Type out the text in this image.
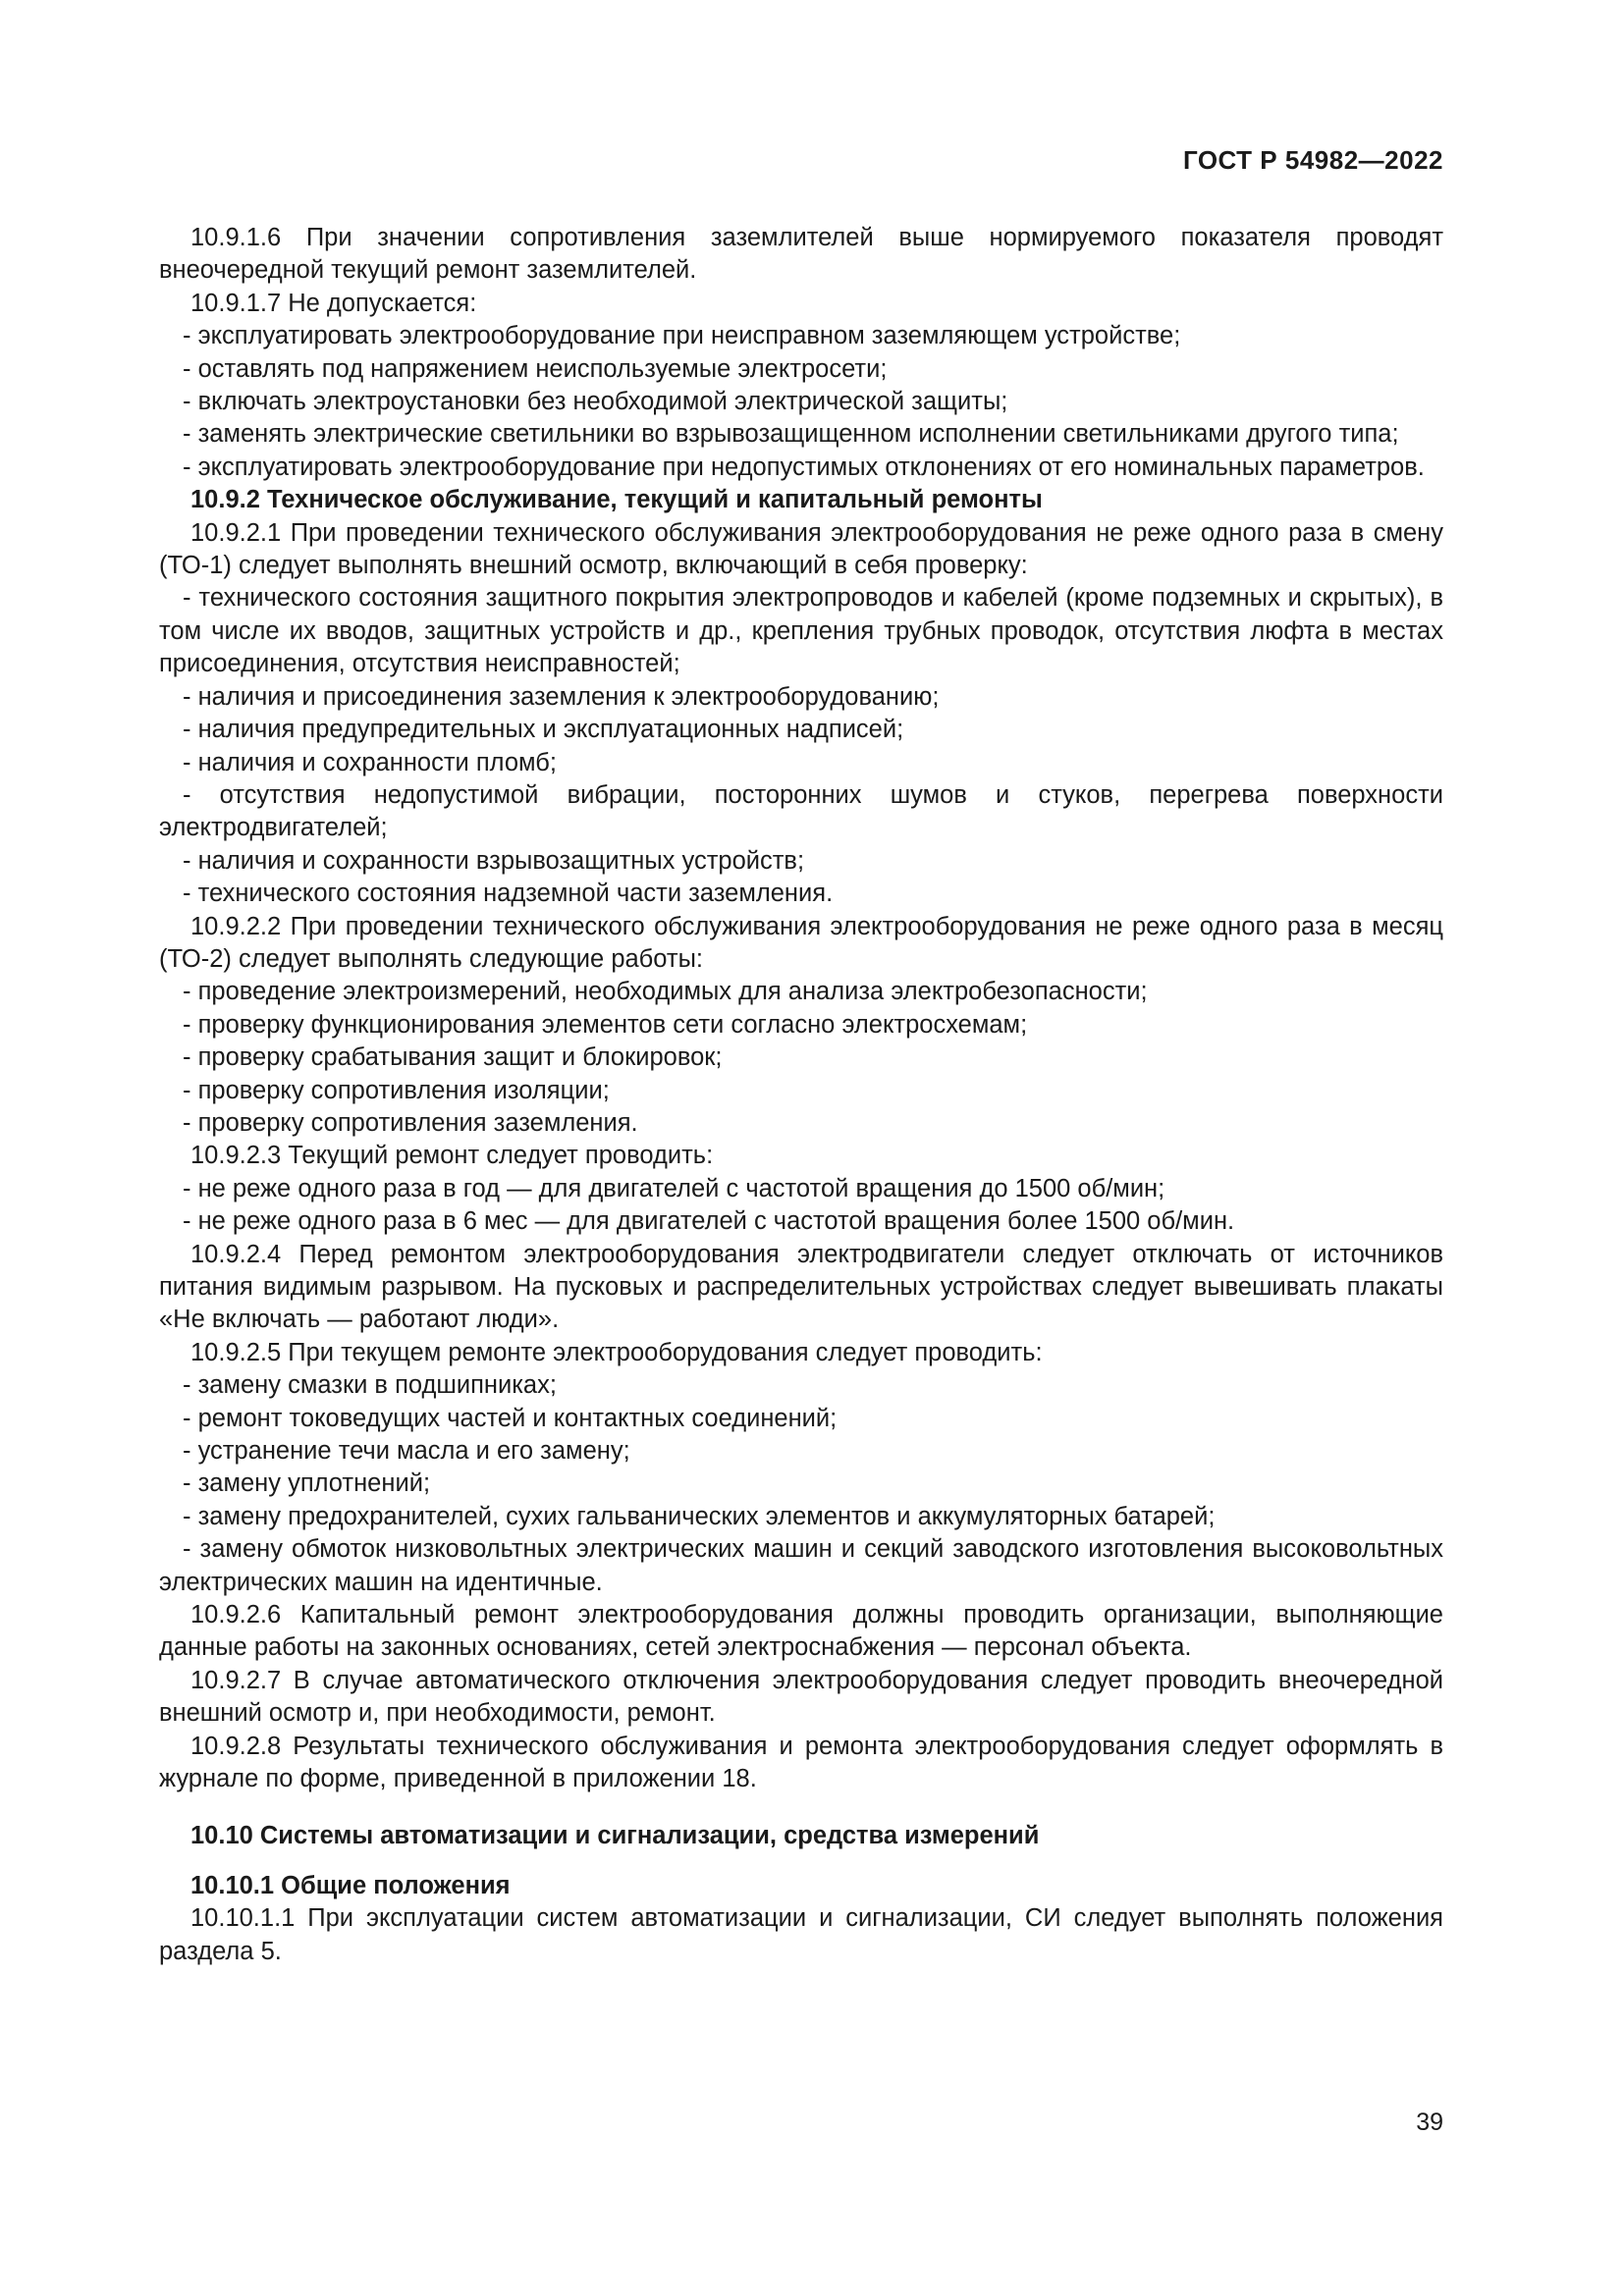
ГОСТ Р 54982—2022

10.9.1.6 При значении сопротивления заземлителей выше нормируемого показателя проводят внеочередной текущий ремонт заземлителей.

10.9.1.7 Не допускается:

- эксплуатировать электрооборудование при неисправном заземляющем устройстве;

- оставлять под напряжением неиспользуемые электросети;

- включать электроустановки без необходимой электрической защиты;

- заменять электрические светильники во взрывозащищенном исполнении светильниками другого типа;

- эксплуатировать электрооборудование при недопустимых отклонениях от его номинальных параметров.

10.9.2 Техническое обслуживание, текущий и капитальный ремонты

10.9.2.1 При проведении технического обслуживания электрооборудования не реже одного раза в смену (ТО-1) следует выполнять внешний осмотр, включающий в себя проверку:

- технического состояния защитного покрытия электропроводов и кабелей (кроме подземных и скрытых), в том числе их вводов, защитных устройств и др., крепления трубных проводок, отсутствия люфта в местах присоединения, отсутствия неисправностей;

- наличия и присоединения заземления к электрооборудованию;

- наличия предупредительных и эксплуатационных надписей;

- наличия и сохранности пломб;

- отсутствия недопустимой вибрации, посторонних шумов и стуков, перегрева поверхности электродвигателей;

- наличия и сохранности взрывозащитных устройств;

- технического состояния надземной части заземления.

10.9.2.2 При проведении технического обслуживания электрооборудования не реже одного раза в месяц (ТО-2) следует выполнять следующие работы:

- проведение электроизмерений, необходимых для анализа электробезопасности;

- проверку функционирования элементов сети согласно электросхемам;

- проверку срабатывания защит и блокировок;

- проверку сопротивления изоляции;

- проверку сопротивления заземления.

10.9.2.3 Текущий ремонт следует проводить:

- не реже одного раза в год — для двигателей с частотой вращения до 1500 об/мин;

- не реже одного раза в 6 мес — для двигателей с частотой вращения более 1500 об/мин.

10.9.2.4 Перед ремонтом электрооборудования электродвигатели следует отключать от источников питания видимым разрывом. На пусковых и распределительных устройствах следует вывешивать плакаты «Не включать — работают люди».

10.9.2.5 При текущем ремонте электрооборудования следует проводить:

- замену смазки в подшипниках;

- ремонт токоведущих частей и контактных соединений;

- устранение течи масла и его замену;

- замену уплотнений;

- замену предохранителей, сухих гальванических элементов и аккумуляторных батарей;

- замену обмоток низковольтных электрических машин и секций заводского изготовления высоковольтных электрических машин на идентичные.

10.9.2.6 Капитальный ремонт электрооборудования должны проводить организации, выполняющие данные работы на законных основаниях, сетей электроснабжения — персонал объекта.

10.9.2.7 В случае автоматического отключения электрооборудования следует проводить внеочередной внешний осмотр и, при необходимости, ремонт.

10.9.2.8 Результаты технического обслуживания и ремонта электрооборудования следует оформлять в журнале по форме, приведенной в приложении 18.

10.10 Системы автоматизации и сигнализации, средства измерений

10.10.1 Общие положения

10.10.1.1 При эксплуатации систем автоматизации и сигнализации, СИ следует выполнять положения раздела 5.

39
